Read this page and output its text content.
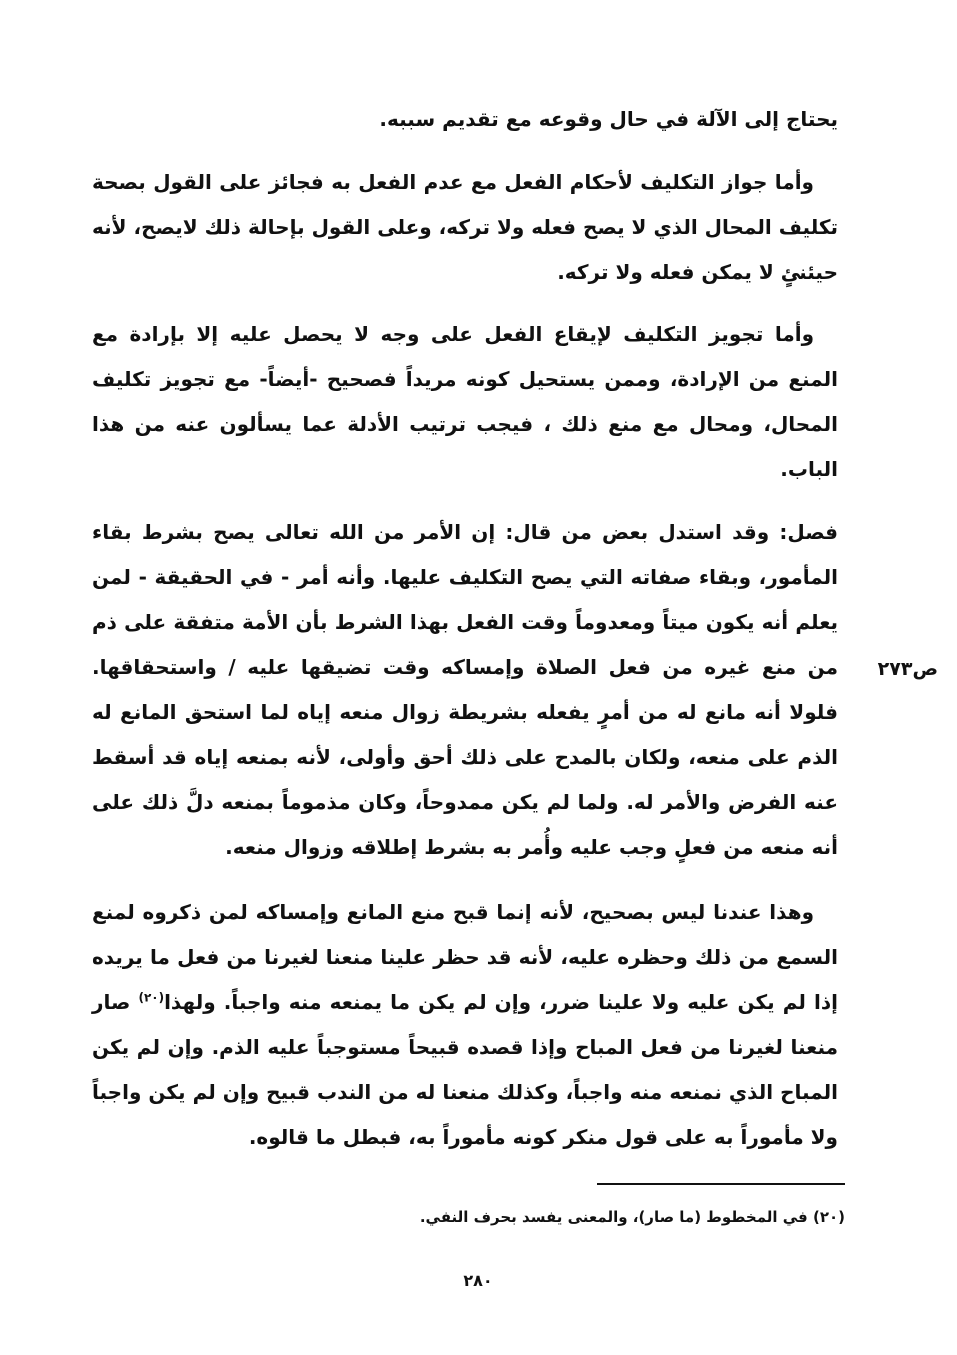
يحتاج إلى الآلة في حال وقوعه مع تقديم سببه.

وأما جواز التكليف لأحكام الفعل مع عدم الفعل به فجائز على القول بصحة تكليف المحال الذي لا يصح فعله ولا تركه، وعلى القول بإحالة ذلك لايصح، لأنه حيئنئٍ لا يمكن فعله ولا تركه.

وأما تجويز التكليف لإيقاع الفعل على وجه لا يحصل عليه إلا بإرادة مع المنع من الإرادة، وممن يستحيل كونه مريداً فصحيح -أيضاً- مع تجويز تكليف المحال، ومحال مع منع ذلك ، فيجب ترتيب الأدلة عما يسألون عنه من هذا الباب.

فصل: وقد استدل بعض من قال: إن الأمر من الله تعالى يصح بشرط بقاء المأمور، وبقاء صفاته التي يصح التكليف عليها. وأنه أمر - في الحقيقة - لمن يعلم أنه يكون ميتاً ومعدوماً وقت الفعل بهذا الشرط بأن الأمة متفقة على ذم من منع غيره من فعل الصلاة وإمساكه وقت تضيقها عليه / واستحقاقها. فلولا أنه مانع له من أمرٍ يفعله بشريطة زوال منعه إياه لما استحق المانع له الذم على منعه، ولكان بالمدح على ذلك أحق وأولى، لأنه بمنعه إياه قد أسقط عنه الفرض والأمر له. ولما لم يكن ممدوحاً، وكان مذموماً بمنعه دلَّ ذلك على أنه منعه من فعلٍ وجب عليه وأُمر به بشرط إطلاقه وزوال منعه.

ص٢٧٣

وهذا عندنا ليس بصحيح، لأنه إنما قبح منع المانع وإمساكه لمن ذكروه لمنع السمع من ذلك وحظره عليه، لأنه قد حظر علينا منعنا لغيرنا من فعل ما يريده إذا لم يكن عليه ولا علينا ضرر، وإن لم يكن ما يمنعه منه واجباً. ولهذا$^{(٢٠)}$ صار منعنا لغيرنا من فعل المباح وإذا قصده قبيحاً مستوجباً عليه الذم. وإن لم يكن المباح الذي نمنعه منه واجباً، وكذلك منعنا له من الندب قبيح وإن لم يكن واجباً ولا مأموراً به على قول منكر كونه مأموراً به، فبطل ما قالوه.

(٢٠) في المخطوط (ما صار)، والمعنى يفسد بحرف النفي.
٢٨٠
